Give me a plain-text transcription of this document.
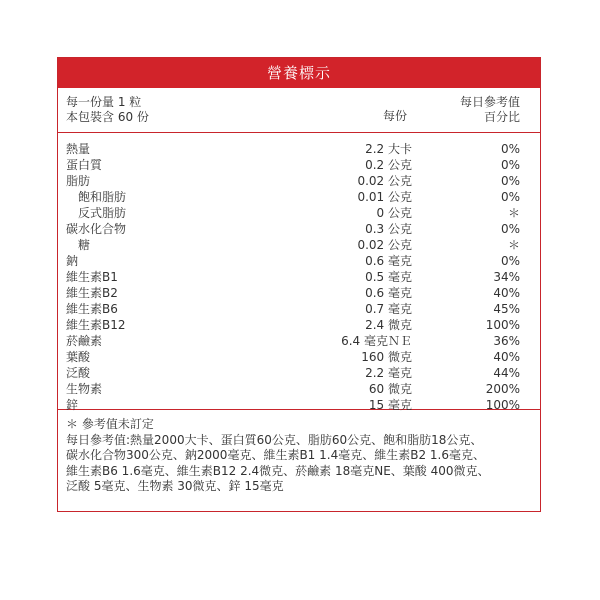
營養標示
每一份量 1 粒
本包裝含 60 份	每份
每日參考值
百分比
熱量	2.2 大卡	0%
蛋白質	0.2 公克	0%
脂肪	0.02 公克	0%
飽和脂肪	0.01 公克	0%
反式脂肪	0 公克	＊
碳水化合物	0.3 公克	0%
糖	0.02 公克	＊
鈉	0.6 毫克	0%
維生素B1	0.5 毫克	34%
維生素B2	0.6 毫克	40%
維生素B6	0.7 毫克	45%
維生素B12	2.4 微克	100%
菸鹼素	6.4 毫克ＮＥ	36%
葉酸	160 微克	40%
泛酸	2.2 毫克	44%
生物素	60 微克	200%
鋅	15 毫克	100%

＊ 參考值未訂定

每日參考值:熱量2000大卡、蛋白質60公克、脂肪60公克、飽和脂肪18公克、

碳水化合物300公克、鈉2000毫克、維生素B1 1.4毫克、維生素B2 1.6毫克、

維生素B6 1.6毫克、維生素B12 2.4微克、菸鹼素 18毫克NE、葉酸 400微克、

泛酸 5毫克、生物素 30微克、鋅 15毫克
